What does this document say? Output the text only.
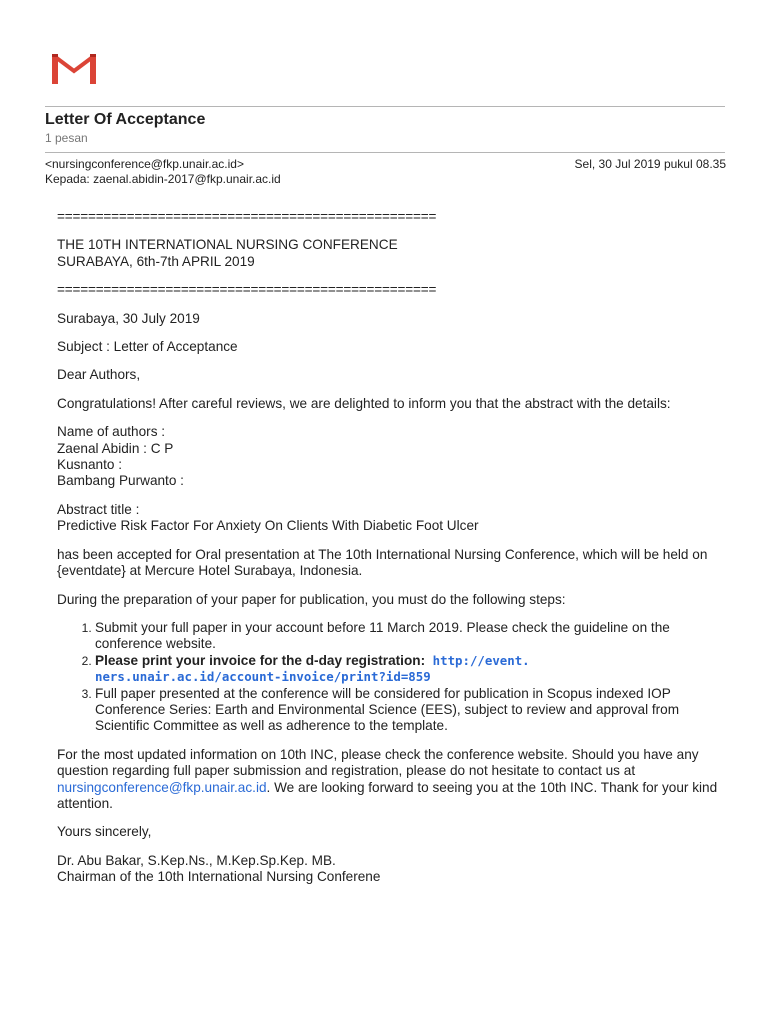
Letter Of Acceptance
1 pesan
<nursingconference@fkp.unair.ac.id>	Sel, 30 Jul 2019 pukul 08.35
Kepada: zaenal.abidin-2017@fkp.unair.ac.id

=================================================

THE 10TH INTERNATIONAL NURSING CONFERENCE
SURABAYA, 6th-7th APRIL 2019

=================================================

Surabaya, 30 July 2019

Subject : Letter of Acceptance

Dear Authors,

Congratulations! After careful reviews, we are delighted to inform you that the abstract with the details:

Name of authors :
Zaenal Abidin : C P
Kusnanto :
Bambang Purwanto :

Abstract title :
Predictive Risk Factor For Anxiety On Clients With Diabetic Foot Ulcer

has been accepted for Oral presentation at The 10th International Nursing Conference, which will be held on {eventdate} at Mercure Hotel Surabaya, Indonesia.

During the preparation of your paper for publication, you must do the following steps:

1. Submit your full paper in your account before 11 March 2019. Please check the guideline on the conference website.
2. Please print your invoice for the d-day registration: http://event.
ners.unair.ac.id/account-invoice/print?id=859
3. Full paper presented at the conference will be considered for publication in Scopus indexed IOP Conference Series: Earth and Environmental Science (EES), subject to review and approval from Scientific Committee as well as adherence to the template.

For the most updated information on 10th INC, please check the conference website. Should you have any question regarding full paper submission and registration, please do not hesitate to contact us at nursingconference@fkp.unair.ac.id. We are looking forward to seeing you at the 10th INC. Thank for your kind attention.

Yours sincerely,

Dr. Abu Bakar, S.Kep.Ns., M.Kep.Sp.Kep. MB.
Chairman of the 10th International Nursing Conferene
